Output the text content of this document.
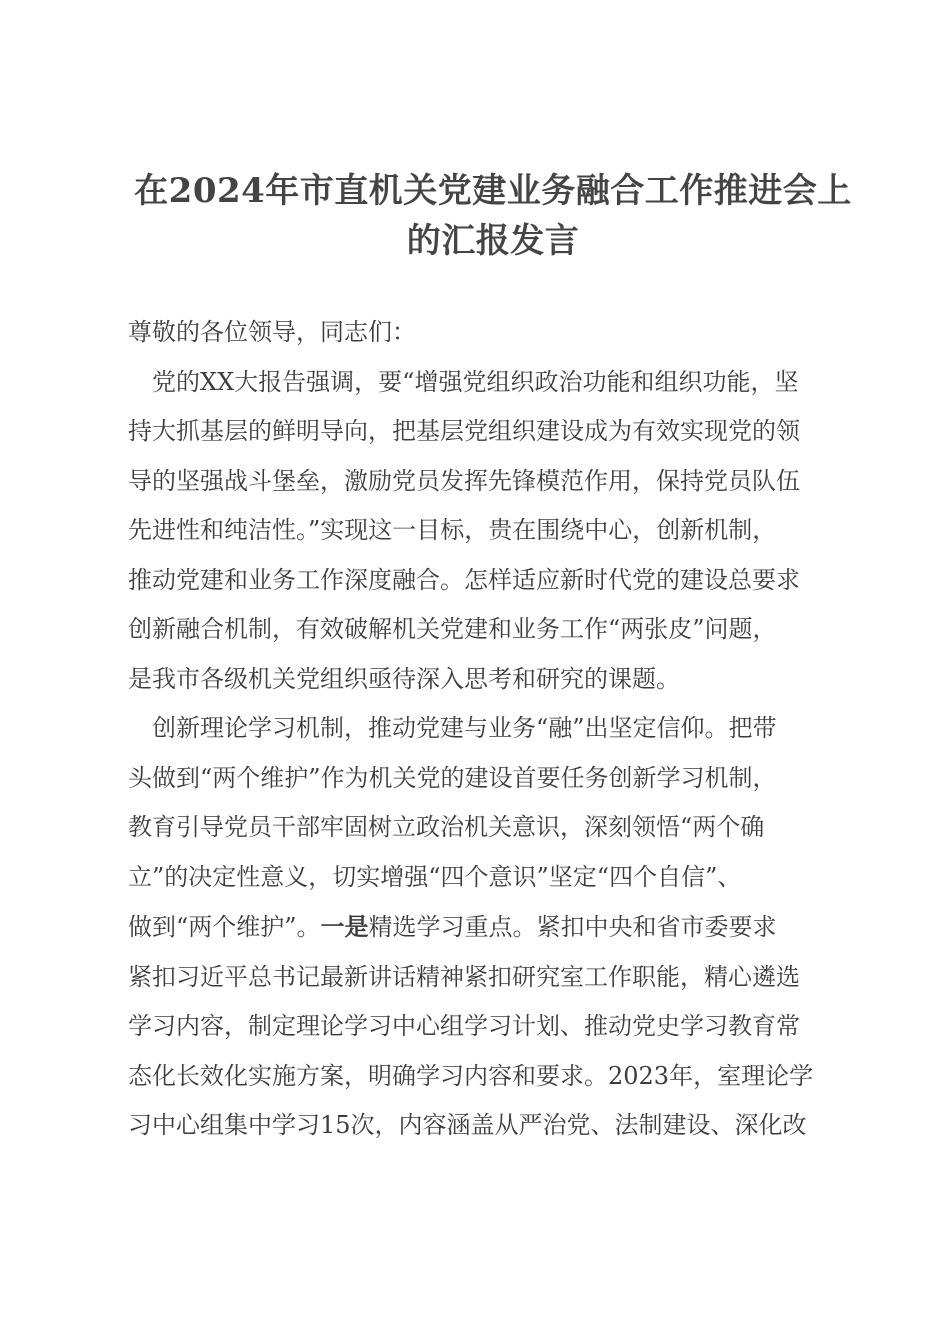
在2024年市直机关党建业务融合工作推进会上
的汇报发言

尊敬的各位领导，同志们：

党的XX大报告强调，要“增强党组织政治功能和组织功能，坚
持大抓基层的鲜明导向，把基层党组织建设成为有效实现党的领
导的坚强战斗堡垒，激励党员发挥先锋模范作用，保持党员队伍
先进性和纯洁性。”实现这一目标，贵在围绕中心，创新机制，
推动党建和业务工作深度融合。怎样适应新时代党的建设总要求
创新融合机制，有效破解机关党建和业务工作“两张皮”问题，
是我市各级机关党组织亟待深入思考和研究的课题。

创新理论学习机制，推动党建与业务“融”出坚定信仰。把带
头做到“两个维护”作为机关党的建设首要任务创新学习机制，
教育引导党员干部牢固树立政治机关意识，深刻领悟“两个确
立”的决定性意义，切实增强“四个意识”坚定“四个自信”、
做到“两个维护”。一是精选学习重点。紧扣中央和省市委要求
紧扣习近平总书记最新讲话精神紧扣研究室工作职能，精心遴选
学习内容，制定理论学习中心组学习计划、推动党史学习教育常
态化长效化实施方案，明确学习内容和要求。2023年，室理论学
习中心组集中学习15次，内容涵盖从严治党、法制建设、深化改
